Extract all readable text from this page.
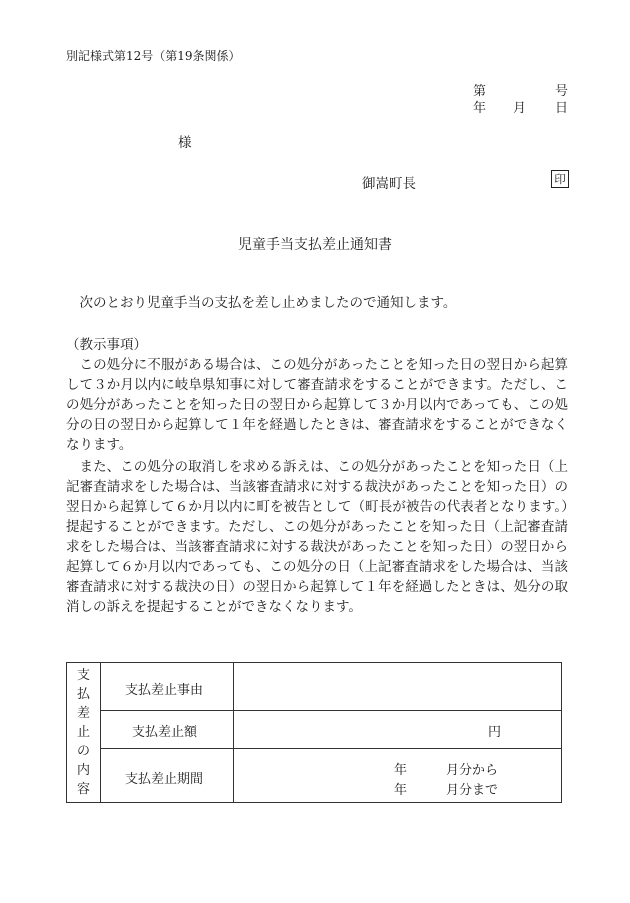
別記様式第12号（第19条関係）
第	号
年 月 日
様
御嵩町長	印
児童手当支払差止通知書
次のとおり児童手当の支払を差し止めましたので通知します。
（教示事項）
この処分に不服がある場合は、この処分があったことを知った日の翌日から起算して３か月以内に岐阜県知事に対して審査請求をすることができます。ただし、この処分があったことを知った日の翌日から起算して３か月以内であっても、この処分の日の翌日から起算して１年を経過したときは、審査請求をすることができなくなります。
また、この処分の取消しを求める訴えは、この処分があったことを知った日（上記審査請求をした場合は、当該審査請求に対する裁決があったことを知った日）の翌日から起算して６か月以内に町を被告として（町長が被告の代表者となります。）提起することができます。ただし、この処分があったことを知った日（上記審査請求をした場合は、当該審査請求に対する裁決があったことを知った日）の翌日から起算して６か月以内であっても、この処分の日（上記審査請求をした場合は、当該審査請求に対する裁決の日）の翌日から起算して１年を経過したときは、処分の取消しの訴えを提起することができなくなります。
支
払
差
止
の
内
容
支払差止事由
支払差止額	円
支払差止期間
年	月分から
年	月分まで
